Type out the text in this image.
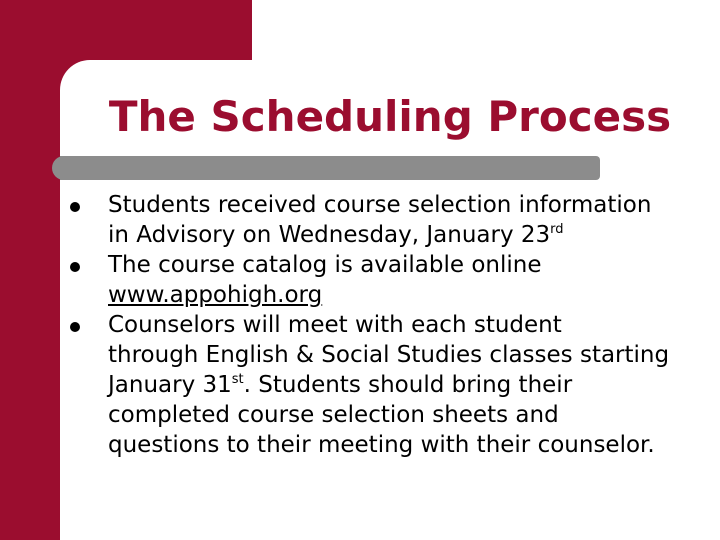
The Scheduling Process
Students received course selection information
in Advisory on Wednesday, January 23rd
The course catalog is available online
www.appohigh.org
Counselors will meet with each student
through English & Social Studies classes starting
January 31st. Students should bring their
completed course selection sheets and
questions to their meeting with their counselor.
